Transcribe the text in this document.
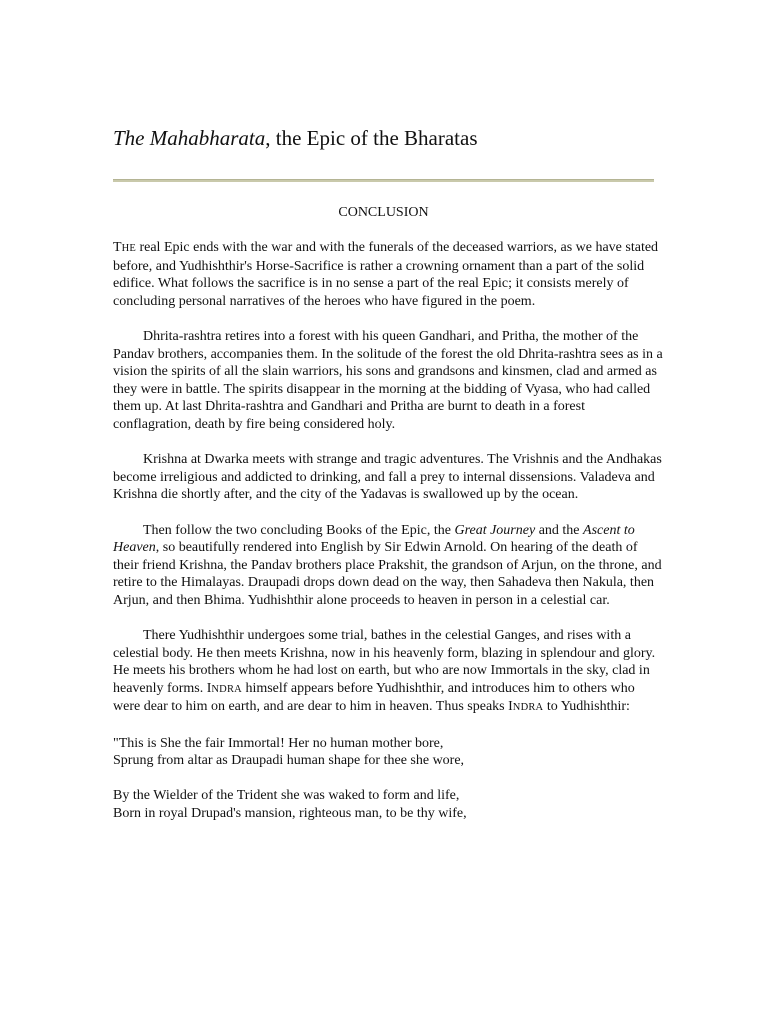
The Mahabharata, the Epic of the Bharatas
CONCLUSION

THE real Epic ends with the war and with the funerals of the deceased warriors, as we have stated before, and Yudhishthir's Horse-Sacrifice is rather a crowning ornament than a part of the solid edifice. What follows the sacrifice is in no sense a part of the real Epic; it consists merely of concluding personal narratives of the heroes who have figured in the poem.

Dhrita-rashtra retires into a forest with his queen Gandhari, and Pritha, the mother of the Pandav brothers, accompanies them. In the solitude of the forest the old Dhrita-rashtra sees as in a vision the spirits of all the slain warriors, his sons and grandsons and kinsmen, clad and armed as they were in battle. The spirits disappear in the morning at the bidding of Vyasa, who had called them up. At last Dhrita-rashtra and Gandhari and Pritha are burnt to death in a forest conflagration, death by fire being considered holy.

Krishna at Dwarka meets with strange and tragic adventures. The Vrishnis and the Andhakas become irreligious and addicted to drinking, and fall a prey to internal dissensions. Valadeva and Krishna die shortly after, and the city of the Yadavas is swallowed up by the ocean.

Then follow the two concluding Books of the Epic, the Great Journey and the Ascent to Heaven, so beautifully rendered into English by Sir Edwin Arnold. On hearing of the death of their friend Krishna, the Pandav brothers place Prakshit, the grandson of Arjun, on the throne, and retire to the Himalayas. Draupadi drops down dead on the way, then Sahadeva then Nakula, then Arjun, and then Bhima. Yudhishthir alone proceeds to heaven in person in a celestial car.

There Yudhishthir undergoes some trial, bathes in the celestial Ganges, and rises with a celestial body. He then meets Krishna, now in his heavenly form, blazing in splendour and glory. He meets his brothers whom he had lost on earth, but who are now Immortals in the sky, clad in heavenly forms. INDRA himself appears before Yudhishthir, and introduces him to others who were dear to him on earth, and are dear to him in heaven. Thus speaks INDRA to Yudhishthir:

"This is She the fair Immortal! Her no human mother bore,
Sprung from altar as Draupadi human shape for thee she wore,

By the Wielder of the Trident she was waked to form and life,
Born in royal Drupad's mansion, righteous man, to be thy wife,
